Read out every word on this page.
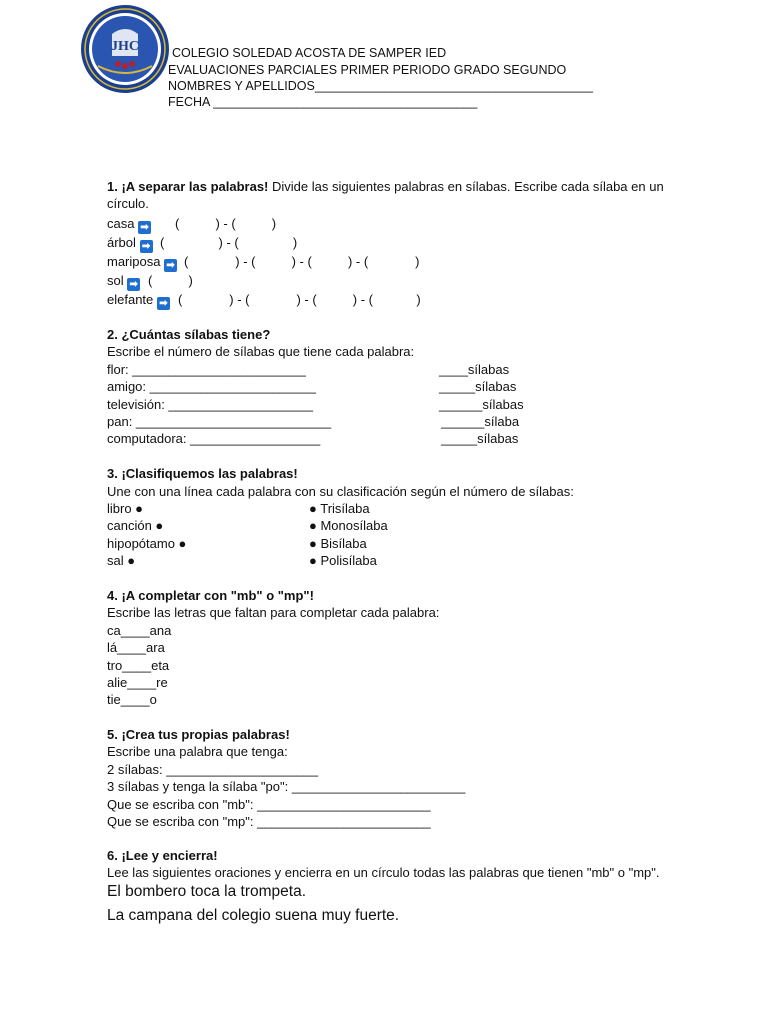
JHC	COLEGIO SOLEDAD ACOSTA DE SAMPER IED
EVALUACIONES PARCIALES PRIMER PERIODO GRADO SEGUNDO
NOMBRES Y APELLIDOS________________________________________
FECHA ______________________________________
1. ¡A separar las palabras! Divide las siguientes palabras en sílabas. Escribe cada sílaba en un
círculo.
casa ➡ (          ) - (          )
árbol ➡ (               ) - (               )
mariposa ➡ (             ) - (          ) - (          ) - (             )
sol ➡ (          )
elefante ➡ (             ) - (             ) - (          ) - (            )
2. ¿Cuántas sílabas tiene?
Escribe el número de sílabas que tiene cada palabra:
flor: ________________________	____sílabas
amigo: _______________________	_____sílabas
televisión: ____________________	______sílabas
pan: ___________________________	______sílaba
computadora: __________________	_____sílabas
3. ¡Clasifiquemos las palabras!
Une con una línea cada palabra con su clasificación según el número de sílabas:
libro ●	● Trisílaba
canción ●	● Monosílaba
hipopótamo ●	● Bisílaba
sal ●	● Polisílaba
4. ¡A completar con "mb" o "mp"!
Escribe las letras que faltan para completar cada palabra:
ca____ana
lá____ara
tro____eta
alie____re
tie____o
5. ¡Crea tus propias palabras!
Escribe una palabra que tenga:
2 sílabas: _____________________
3 sílabas y tenga la sílaba "po": ________________________
Que se escriba con "mb": ________________________
Que se escriba con "mp": ________________________
6. ¡Lee y encierra!
Lee las siguientes oraciones y encierra en un círculo todas las palabras que tienen "mb" o "mp".
El bombero toca la trompeta.
La campana del colegio suena muy fuerte.
